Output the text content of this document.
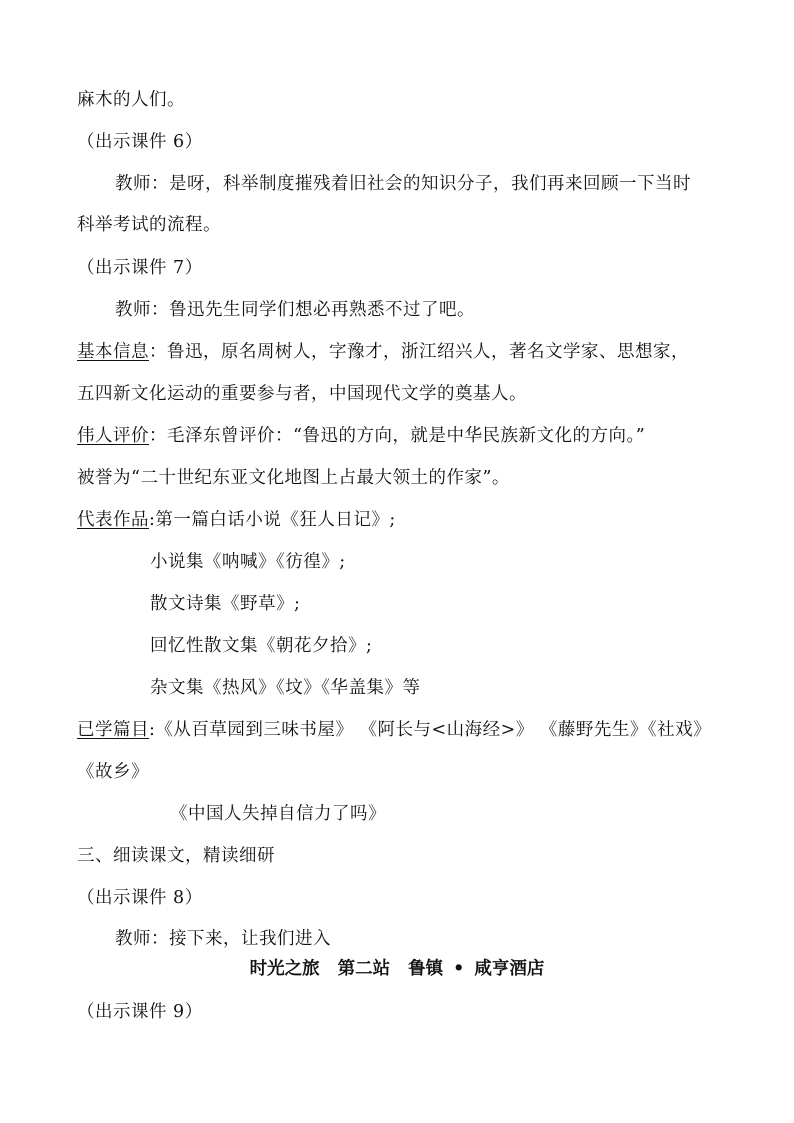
麻木的人们。
（出示课件 6）
教师：是呀，科举制度摧残着旧社会的知识分子，我们再来回顾一下当时
科举考试的流程。
（出示课件 7）
教师：鲁迅先生同学们想必再熟悉不过了吧。
基本信息：鲁迅，原名周树人，字豫才，浙江绍兴人，著名文学家、思想家，
五四新文化运动的重要参与者，中国现代文学的奠基人。
伟人评价：毛泽东曾评价：“鲁迅的方向，就是中华民族新文化的方向。”
被誉为“二十世纪东亚文化地图上占最大领土的作家”。
代表作品:第一篇白话小说《狂人日记》;
小说集《呐喊》《彷徨》;
散文诗集《野草》;
回忆性散文集《朝花夕拾》;
杂文集《热风》《坟》《华盖集》等
已学篇目:《从百草园到三味书屋》 《阿长与<山海经>》 《藤野先生》《社戏》
《故乡》
《中国人失掉自信力了吗》
三、细读课文，精读细研
（出示课件 8）
教师：接下来，让我们进入
时光之旅 第二站 鲁镇 • 咸亨酒店
（出示课件 9）
